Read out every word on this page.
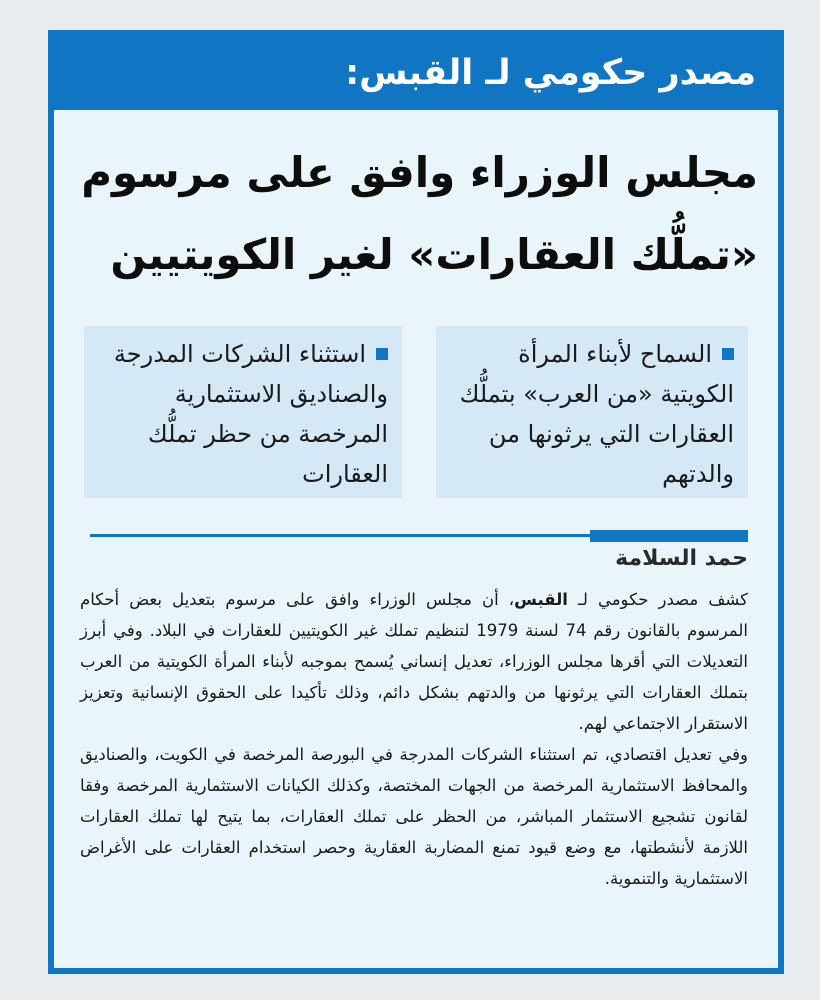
مصدر حكومي لـ القبس:
مجلس الوزراء وافق على مرسوم
«تملُّك العقارات» لغير الكويتيين
السماح لأبناء المرأة الكويتية «من العرب» بتملُّك العقارات التي يرثونها من والدتهم
استثناء الشركات المدرجة والصناديق الاستثمارية المرخصة من حظر تملُّك العقارات
حمد السلامة

كشف مصدر حكومي لـ القبس، أن مجلس الوزراء وافق على مرسوم بتعديل بعض أحكام المرسوم بالقانون رقم 74 لسنة 1979 لتنظيم تملك غير الكويتيين للعقارات في البلاد. وفي أبرز التعديلات التي أقرها مجلس الوزراء، تعديل إنساني يُسمح بموجبه لأبناء المرأة الكويتية من العرب بتملك العقارات التي يرثونها من والدتهم بشكل دائم، وذلك تأكيدا على الحقوق الإنسانية وتعزيز الاستقرار الاجتماعي لهم.

وفي تعديل اقتصادي، تم استثناء الشركات المدرجة في البورصة المرخصة في الكويت، والصناديق والمحافظ الاستثمارية المرخصة من الجهات المختصة، وكذلك الكيانات الاستثمارية المرخصة وفقا لقانون تشجيع الاستثمار المباشر، من الحظر على تملك العقارات، بما يتيح لها تملك العقارات اللازمة لأنشطتها، مع وضع قيود تمنع المضاربة العقارية وحصر استخدام العقارات على الأغراض الاستثمارية والتنموية.
